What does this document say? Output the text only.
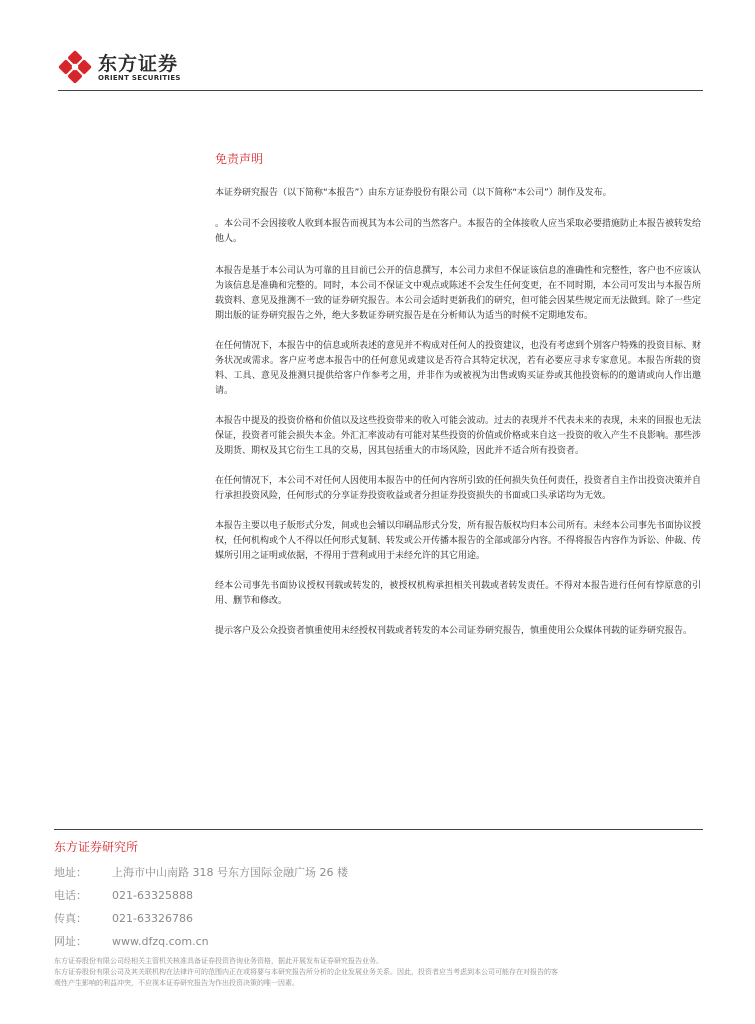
东方证券
ORIENT SECURITIES
免责声明

本证券研究报告（以下简称“本报告”）由东方证券股份有限公司（以下简称“本公司”）制作及发布。

。本公司不会因接收人收到本报告而视其为本公司的当然客户。本报告的全体接收人应当采取必要措施防止本报告被转发给他人。

本报告是基于本公司认为可靠的且目前已公开的信息撰写，本公司力求但不保证该信息的准确性和完整性，客户也不应该认为该信息是准确和完整的。同时，本公司不保证文中观点或陈述不会发生任何变更，在不同时期，本公司可发出与本报告所载资料、意见及推测不一致的证券研究报告。本公司会适时更新我们的研究，但可能会因某些规定而无法做到。除了一些定期出版的证券研究报告之外，绝大多数证券研究报告是在分析师认为适当的时候不定期地发布。

在任何情况下，本报告中的信息或所表述的意见并不构成对任何人的投资建议，也没有考虑到个别客户特殊的投资目标、财务状况或需求。客户应考虑本报告中的任何意见或建议是否符合其特定状况，若有必要应寻求专家意见。本报告所载的资料、工具、意见及推测只提供给客户作参考之用，并非作为或被视为出售或购买证券或其他投资标的的邀请或向人作出邀请。

本报告中提及的投资价格和价值以及这些投资带来的收入可能会波动。过去的表现并不代表未来的表现，未来的回报也无法保证，投资者可能会损失本金。外汇汇率波动有可能对某些投资的价值或价格或来自这一投资的收入产生不良影响。那些涉及期货、期权及其它衍生工具的交易，因其包括重大的市场风险，因此并不适合所有投资者。

在任何情况下，本公司不对任何人因使用本报告中的任何内容所引致的任何损失负任何责任，投资者自主作出投资决策并自行承担投资风险，任何形式的分享证券投资收益或者分担证券投资损失的书面或口头承诺均为无效。

本报告主要以电子版形式分发，间或也会辅以印刷品形式分发，所有报告版权均归本公司所有。未经本公司事先书面协议授权，任何机构或个人不得以任何形式复制、转发或公开传播本报告的全部或部分内容。不得将报告内容作为诉讼、仲裁、传媒所引用之证明或依据，不得用于营利或用于未经允许的其它用途。

经本公司事先书面协议授权刊载或转发的，被授权机构承担相关刊载或者转发责任。不得对本报告进行任何有悖原意的引用、删节和修改。

提示客户及公众投资者慎重使用未经授权刊载或者转发的本公司证券研究报告，慎重使用公众媒体刊载的证券研究报告。

东方证券研究所
地址： 上海市中山南路 318 号东方国际金融广场 26 楼
电话： 021-63325888
传真： 021-63326786
网址： www.dfzq.com.cn
东方证券股份有限公司经相关主管机关核准具备证券投资咨询业务资格，据此开展发布证券研究报告业务。
东方证券股份有限公司及其关联机构在法律许可的范围内正在或将要与本研究报告所分析的企业发展业务关系。因此，投资者应当考虑到本公司可能存在对报告的客
观性产生影响的利益冲突，不应视本证券研究报告为作出投资决策的唯一因素。
